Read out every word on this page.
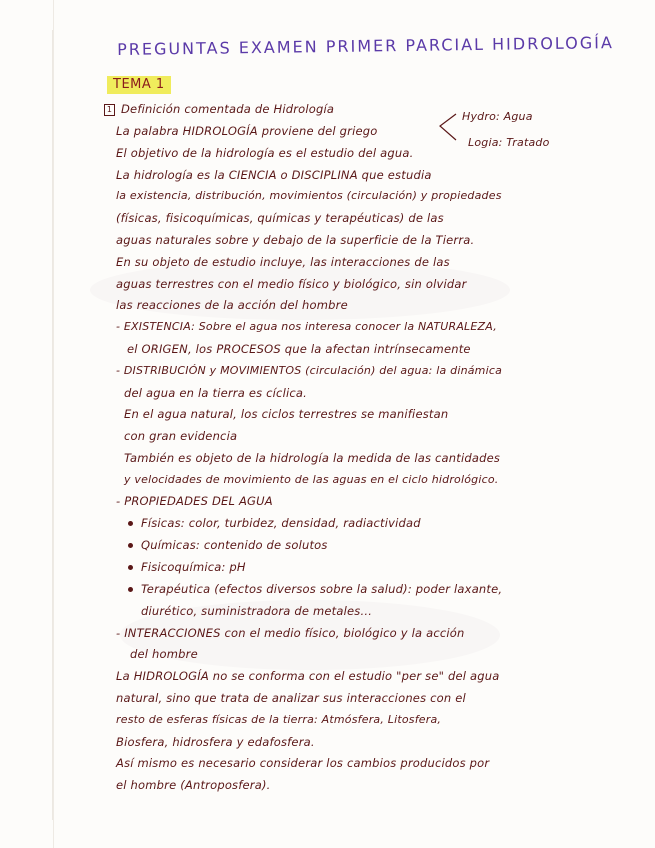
PREGUNTAS EXAMEN PRIMER PARCIAL HIDROLOGÍA
TEMA 1
1 Definición comentada de Hidrología
La palabra HIDROLOGÍA proviene del griego
Hydro: Agua
Logia: Tratado
El objetivo de la hidrología es el estudio del agua.
La hidrología es la CIENCIA o DISCIPLINA que estudia
la existencia, distribución, movimientos (circulación) y propiedades
(físicas, fisicoquímicas, químicas y terapéuticas) de las
aguas naturales sobre y debajo de la superficie de la Tierra.
En su objeto de estudio incluye, las interacciones de las
aguas terrestres con el medio físico y biológico, sin olvidar
las reacciones de la acción del hombre
- EXISTENCIA: Sobre el agua nos interesa conocer la NATURALEZA,
el ORIGEN, los PROCESOS que la afectan intrínsecamente
- DISTRIBUCIÓN y MOVIMIENTOS (circulación) del agua: la dinámica
del agua en la tierra es cíclica.
En el agua natural, los ciclos terrestres se manifiestan
con gran evidencia
También es objeto de la hidrología la medida de las cantidades
y velocidades de movimiento de las aguas en el ciclo hidrológico.
- PROPIEDADES DEL AGUA
Físicas: color, turbidez, densidad, radiactividad
Químicas: contenido de solutos
Fisicoquímica: pH
Terapéutica (efectos diversos sobre la salud): poder laxante,
diurético, suministradora de metales...
- INTERACCIONES con el medio físico, biológico y la acción
del hombre
La HIDROLOGÍA no se conforma con el estudio "per se" del agua
natural, sino que trata de analizar sus interacciones con el
resto de esferas físicas de la tierra: Atmósfera, Litosfera,
Biosfera, hidrosfera y edafosfera.
Así mismo es necesario considerar los cambios producidos por
el hombre (Antroposfera).
